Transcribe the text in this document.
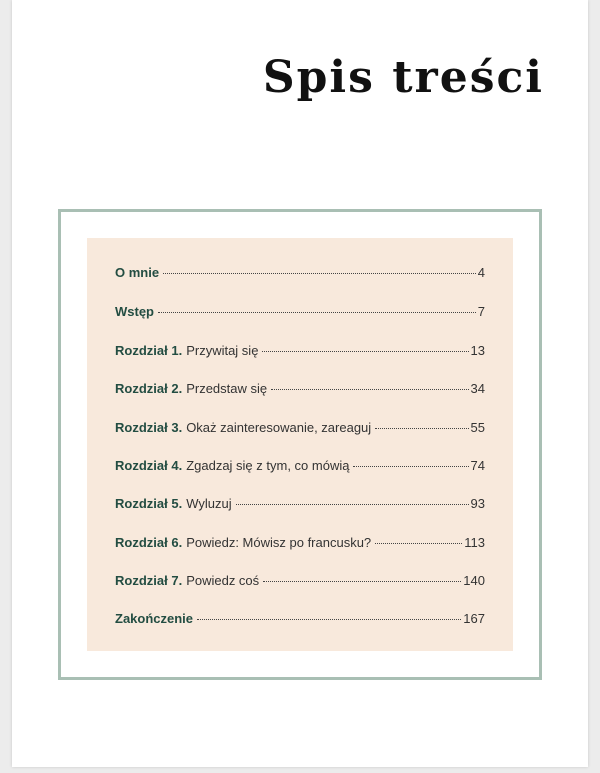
Spis treści
O mnie	4
Wstęp	7
Rozdział 1. Przywitaj się	13
Rozdział 2. Przedstaw się	34
Rozdział 3. Okaż zainteresowanie, zareaguj	55
Rozdział 4. Zgadzaj się z tym, co mówią	74
Rozdział 5. Wyluzuj	93
Rozdział 6. Powiedz: Mówisz po francusku?	113
Rozdział 7. Powiedz coś	140
Zakończenie	167
